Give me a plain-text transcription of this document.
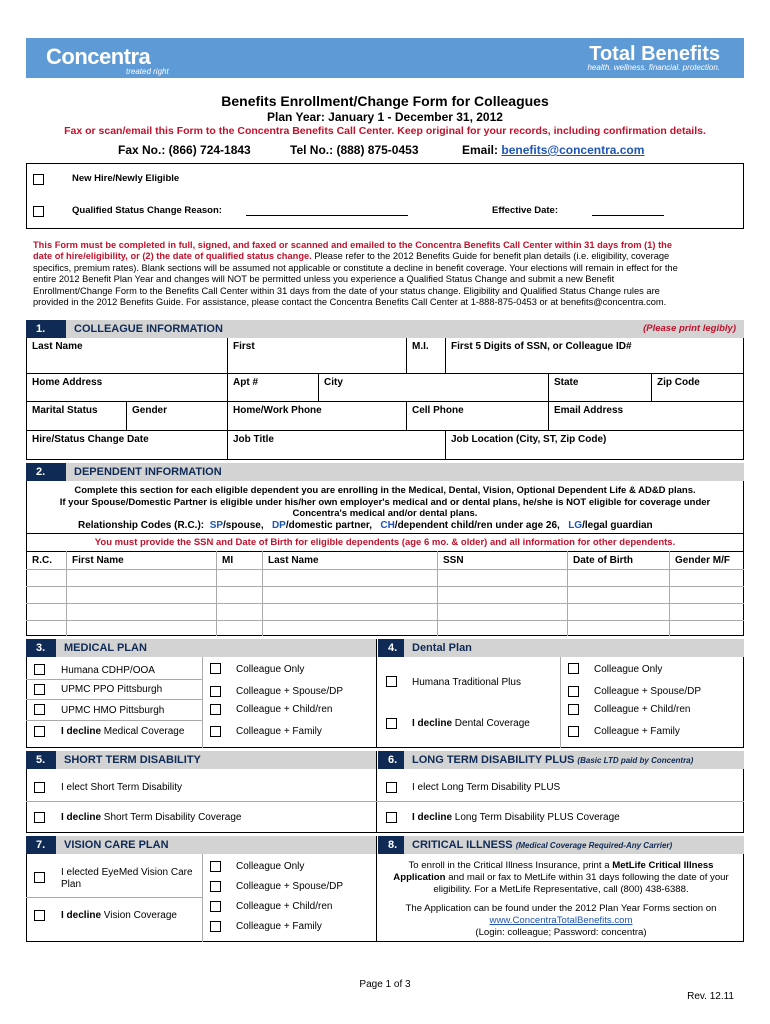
Concentra
treated right
Total Benefits
health. wellness. financial. protection.
Benefits Enrollment/Change Form for Colleagues
Plan Year: January 1 - December 31, 2012
Fax or scan/email this Form to the Concentra Benefits Call Center. Keep original for your records, including confirmation details.
Fax No.: (866) 724-1843	Tel No.: (888) 875-0453	Email: benefits@concentra.com
New Hire/Newly Eligible
Qualified Status Change Reason:	Effective Date:
This Form must be completed in full, signed, and faxed or scanned and emailed to the Concentra Benefits Call Center within 31 days from (1) the
date of hire/eligibility, or (2) the date of qualified status change. Please refer to the 2012 Benefits Guide for benefit plan details (i.e. eligibility, coverage
specifics, premium rates). Blank sections will be assumed not applicable or constitute a decline in benefit coverage. Your elections will remain in effect for the
entire 2012 Benefit Plan Year and changes will NOT be permitted unless you experience a Qualified Status Change and submit a new Benefit
Enrollment/Change Form to the Benefits Call Center within 31 days from the date of your status change. Eligibility and Qualified Status Change rules are
provided in the 2012 Benefits Guide. For assistance, please contact the Concentra Benefits Call Center at 1-888-875-0453 or at benefits@concentra.com.
1.	COLLEAGUE INFORMATION	(Please print legibly)
Last Name	First	M.I. First 5 Digits of SSN, or Colleague ID#
Home Address	Apt #	City	State	Zip Code
Marital Status	Gender	Home/Work Phone	Cell Phone	Email Address
Hire/Status Change Date	Job Title	Job Location (City, ST, Zip Code)
2.	DEPENDENT INFORMATION
Complete this section for each eligible dependent you are enrolling in the Medical, Dental, Vision, Optional Dependent Life & AD&D plans.
If your Spouse/Domestic Partner is eligible under his/her own employer's medical and or dental plans, he/she is NOT eligible for coverage under
Concentra's medical and/or dental plans.
Relationship Codes (R.C.): SP/spouse, DP/domestic partner, CH/dependent child/ren under age 26, LG/legal guardian
You must provide the SSN and Date of Birth for eligible dependents (age 6 mo. & older) and all information for other dependents.
R.C. First Name	MI	Last Name	SSN	Date of Birth	Gender M/F
3.	MEDICAL PLAN	4.	Dental Plan
Humana CDHP/OOA
UPMC PPO Pittsburgh
UPMC HMO Pittsburgh
I decline Medical Coverage
Colleague Only
Colleague + Spouse/DP
Colleague + Child/ren
Colleague + Family
Humana Traditional Plus
I decline Dental Coverage
Colleague Only
Colleague + Spouse/DP
Colleague + Child/ren
Colleague + Family
5.	SHORT TERM DISABILITY	6.	LONG TERM DISABILITY PLUS (Basic LTD paid by Concentra)
I elect Short Term Disability
I decline Short Term Disability Coverage
I elect Long Term Disability PLUS
I decline Long Term Disability PLUS Coverage
7.	VISION CARE PLAN	8.	CRITICAL ILLNESS (Medical Coverage Required-Any Carrier)
I elected EyeMed Vision Care Plan
I decline Vision Coverage
Colleague Only
Colleague + Spouse/DP
Colleague + Child/ren
Colleague + Family
To enroll in the Critical Illness Insurance, print a MetLife Critical Illness
Application and mail or fax to MetLife within 31 days following the date of your
eligibility. For a MetLife Representative, call (800) 438-6388.
The Application can be found under the 2012 Plan Year Forms section on
www.ConcentraTotalBenefits.com
(Login: colleague; Password: concentra)
Page 1 of 3
Rev. 12.11
